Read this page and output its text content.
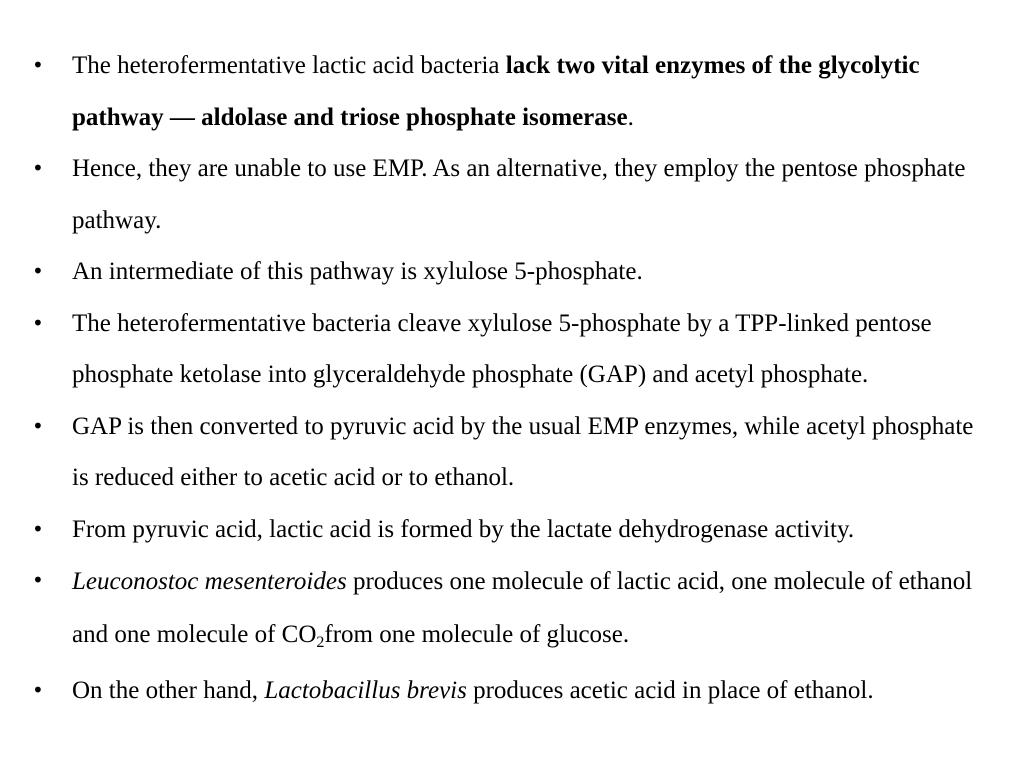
• The heterofermentative lactic acid bacteria lack two vital enzymes of the glycolytic pathway — aldolase and triose phosphate isomerase.
• Hence, they are unable to use EMP. As an alternative, they employ the pentose phosphate pathway.
• An intermediate of this pathway is xylulose 5-phosphate.
• The heterofermentative bacteria cleave xylulose 5-phosphate by a TPP-linked pentose phosphate ketolase into glyceraldehyde phosphate (GAP) and acetyl phosphate.
• GAP is then converted to pyruvic acid by the usual EMP enzymes, while acetyl phosphate is reduced either to acetic acid or to ethanol.
• From pyruvic acid, lactic acid is formed by the lactate dehydrogenase activity.
• Leuconostoc mesenteroides produces one molecule of lactic acid, one molecule of ethanol and one molecule of $CO_2from$ one molecule of glucose.
• On the other hand, Lactobacillus brevis produces acetic acid in place of ethanol.
